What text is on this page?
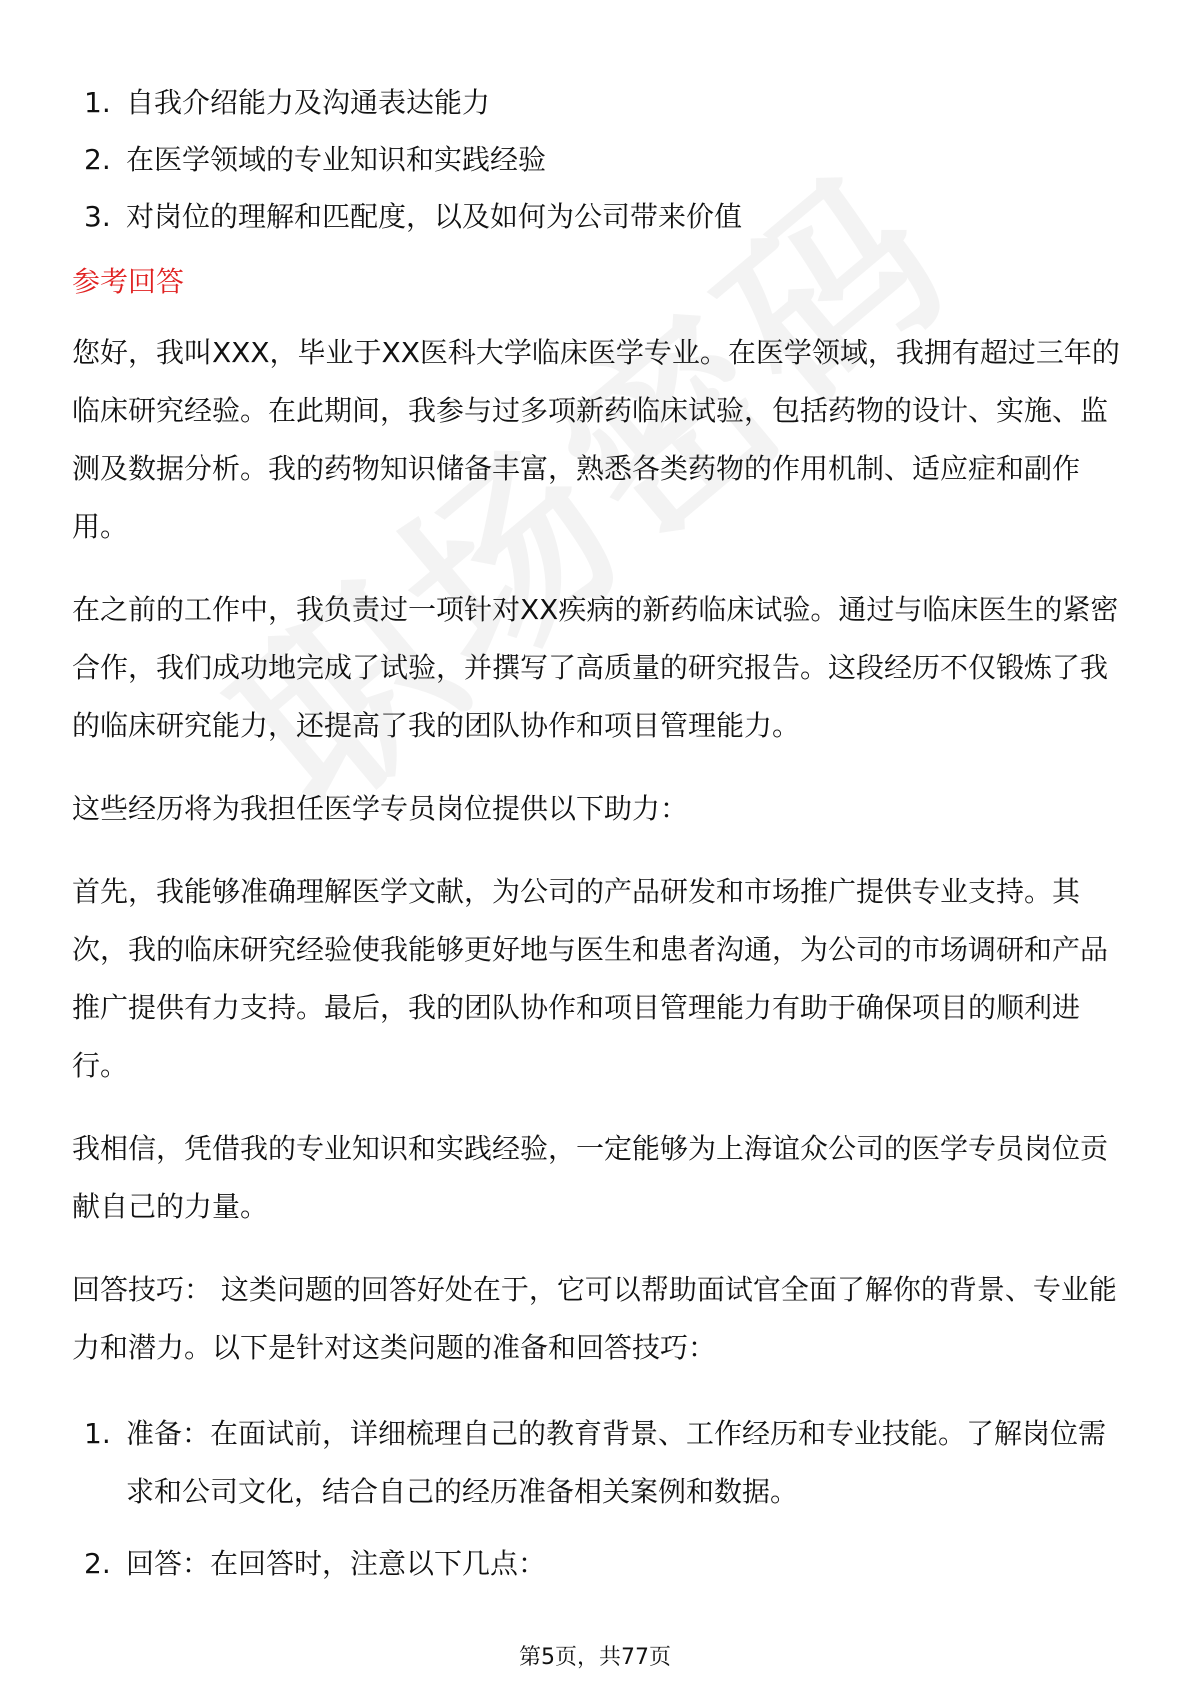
1. 自我介绍能力及沟通表达能力
2. 在医学领域的专业知识和实践经验
3. 对岗位的理解和匹配度，以及如何为公司带来价值
参考回答

您好，我叫XXX，毕业于XX医科大学临床医学专业。在医学领域，我拥有超过三年的临床研究经验。在此期间，我参与过多项新药临床试验，包括药物的设计、实施、监测及数据分析。我的药物知识储备丰富，熟悉各类药物的作用机制、适应症和副作用。

在之前的工作中，我负责过一项针对XX疾病的新药临床试验。通过与临床医生的紧密合作，我们成功地完成了试验，并撰写了高质量的研究报告。这段经历不仅锻炼了我的临床研究能力，还提高了我的团队协作和项目管理能力。

这些经历将为我担任医学专员岗位提供以下助力：

首先，我能够准确理解医学文献，为公司的产品研发和市场推广提供专业支持。其次，我的临床研究经验使我能够更好地与医生和患者沟通，为公司的市场调研和产品推广提供有力支持。最后，我的团队协作和项目管理能力有助于确保项目的顺利进行。

我相信，凭借我的专业知识和实践经验，一定能够为上海谊众公司的医学专员岗位贡献自己的力量。

回答技巧： 这类问题的回答好处在于，它可以帮助面试官全面了解你的背景、专业能力和潜力。以下是针对这类问题的准备和回答技巧：

1. 准备：在面试前，详细梳理自己的教育背景、工作经历和专业技能。了解岗位需求和公司文化，结合自己的经历准备相关案例和数据。
2. 回答：在回答时，注意以下几点：
第5页，共77页
